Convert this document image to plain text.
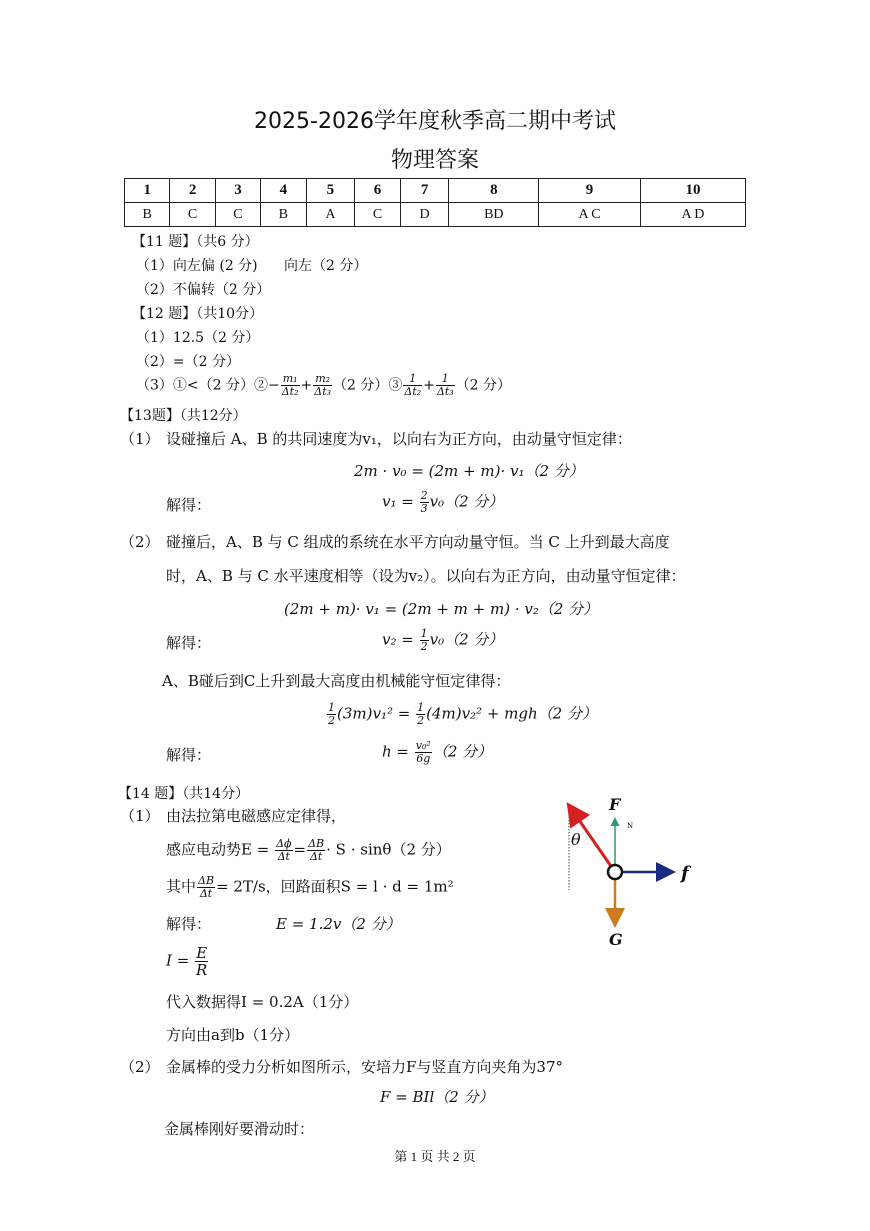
2025-2026学年度秋季高二期中考试
物理答案
1	2	3	4	5	6	7	8	9	10
B	C	C	B	A	C	D	BD	A C	A D
【11 题】（共6 分）
（1）向左偏 (2 分) 向左（2 分）
（2）不偏转（2 分）
【12 题】（共10分）
（1）12.5（2 分）
（2）=（2 分）
（3）①<（2 分）②− $\frac{\text{m₁}}{\text{Δt₂}} + \frac{\text{m₂}}{\text{Δt₃}} (2$ 分）③ $\frac{1}{\text{Δt₂}} + \frac{1}{\text{Δt₃}} (2$ 分）
【13题】（共12分）
（1） 设碰撞后 A、B 的共同速度为v₁，以向右为正方向，由动量守恒定律：
2m · v₀ = (2m + m)· v₁（2 分）
解得：	$v_1 = \frac{2}{3} v_0(2$ 分）
（2） 碰撞后，A、B 与 C 组成的系统在水平方向动量守恒。当 C 上升到最大高度
时，A、B 与 C 水平速度相等（设为v₂）。以向右为正方向，由动量守恒定律：
(2m + m)· v₁ = (2m + m + m) · v₂（2 分）
解得：	$v_2 = \frac{1}{2} v_0(2$ 分）
A、B碰后到C上升到最大高度由机械能守恒定律得：
$\frac{1}{2} (3m)v_1^2 = \frac{1}{2} (4m)v_2^2 + mgh(2$ 分）
解得：	$h = \frac{\text{v₀²}}{6g} (2$ 分）
【14 题】（共14分）
（1） 由法拉第电磁感应定律得，
感应电动势$E = \frac{\Delta\phi}{\Delta t} = \frac{\Delta B}{\Delta t} \cdot S \cdot \sin\theta(2$ 分）
其中 $\frac{\Delta B}{\Delta t} = 2T/s$，回路面积S = l · d = 1m²
解得：	E = 1.2v（2 分）
$I = \frac{E}{R}$
代入数据得I = 0.2A（1分）
方向由a到b（1分）
（2） 金属棒的受力分析如图所示，安培力F与竖直方向夹角为37°
F = BIl（2 分）
金属棒刚好要滑动时：
F
N
θ
f
G
第 1 页 共 2 页
